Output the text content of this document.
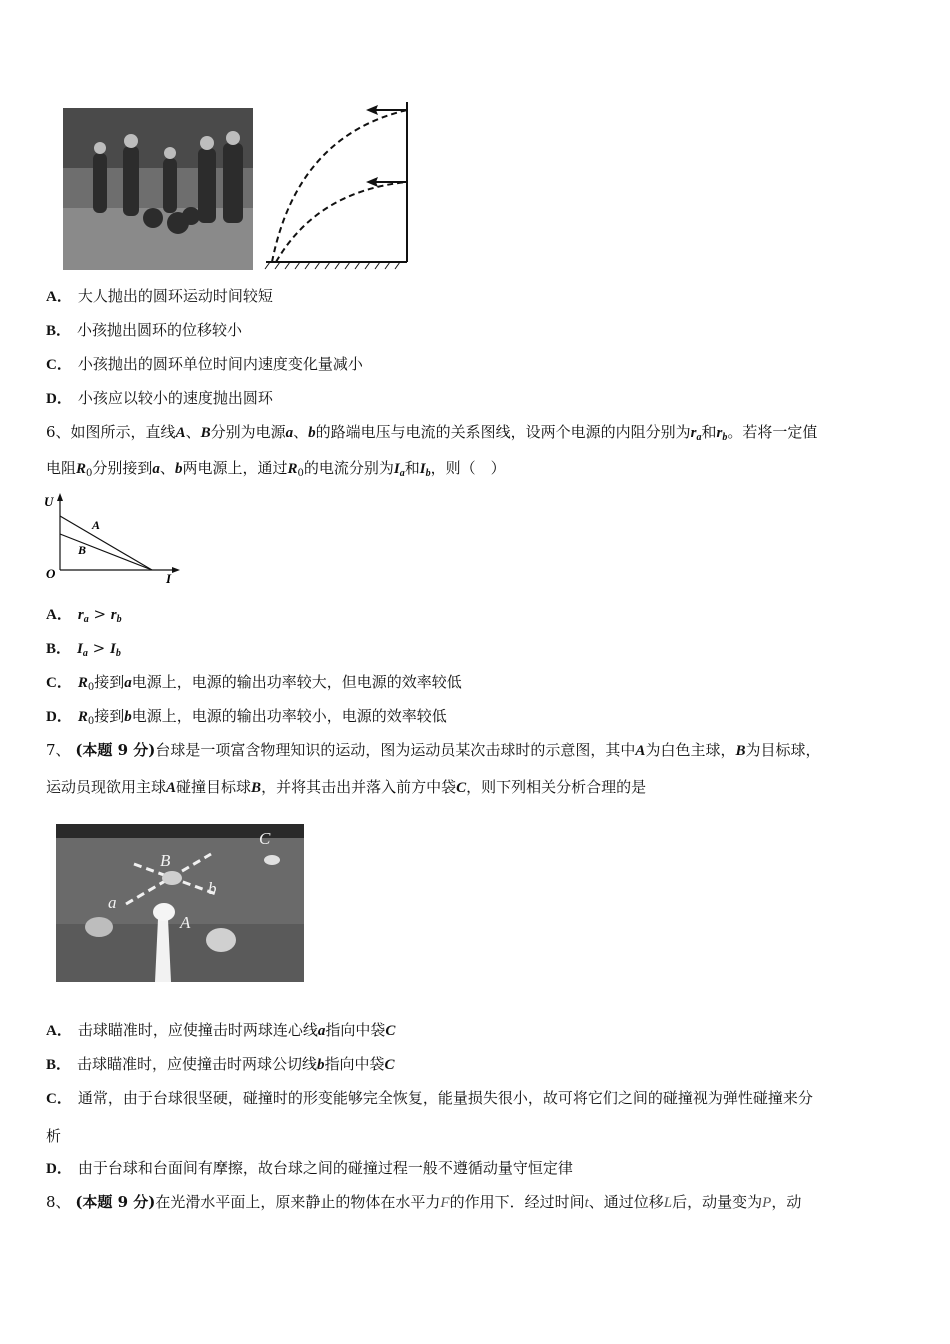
A． 大人抛出的圆环运动时间较短
B． 小孩抛出圆环的位移较小
C． 小孩抛出的圆环单位时间内速度变化量减小
D． 小孩应以较小的速度抛出圆环
6、如图所示，直线A、B分别为电源a、b的路端电压与电流的关系图线，设两个电源的内阻分别为$r_a$和$r_b$。若将一定值
电阻$R_0$分别接到a、b两电源上，通过$R_0$的电流分别为$I_a$和$I_b$，则（　）
U
I
O
A
B
A． $r_a > r_b$
B． $I_a > I_b$
C． $R_0$接到a电源上，电源的输出功率较大，但电源的效率较低
D． $R_0$接到b电源上，电源的输出功率较小，电源的效率较低
7、 (本题 9 分)台球是一项富含物理知识的运动，图为运动员某次击球时的示意图，其中A为白色主球，B为目标球，
运动员现欲用主球A碰撞目标球B，并将其击出并落入前方中袋C，则下列相关分析合理的是
B
A
C
a
b
A． 击球瞄准时，应使撞击时两球连心线a指向中袋C
B． 击球瞄准时，应使撞击时两球公切线b指向中袋C
C． 通常，由于台球很坚硬，碰撞时的形变能够完全恢复，能量损失很小，故可将它们之间的碰撞视为弹性碰撞来分
析
D． 由于台球和台面间有摩擦，故台球之间的碰撞过程一般不遵循动量守恒定律
8、 (本题 9 分)在光滑水平面上，原来静止的物体在水平力F的作用下．经过时间t、通过位移L后，动量变为P，动
